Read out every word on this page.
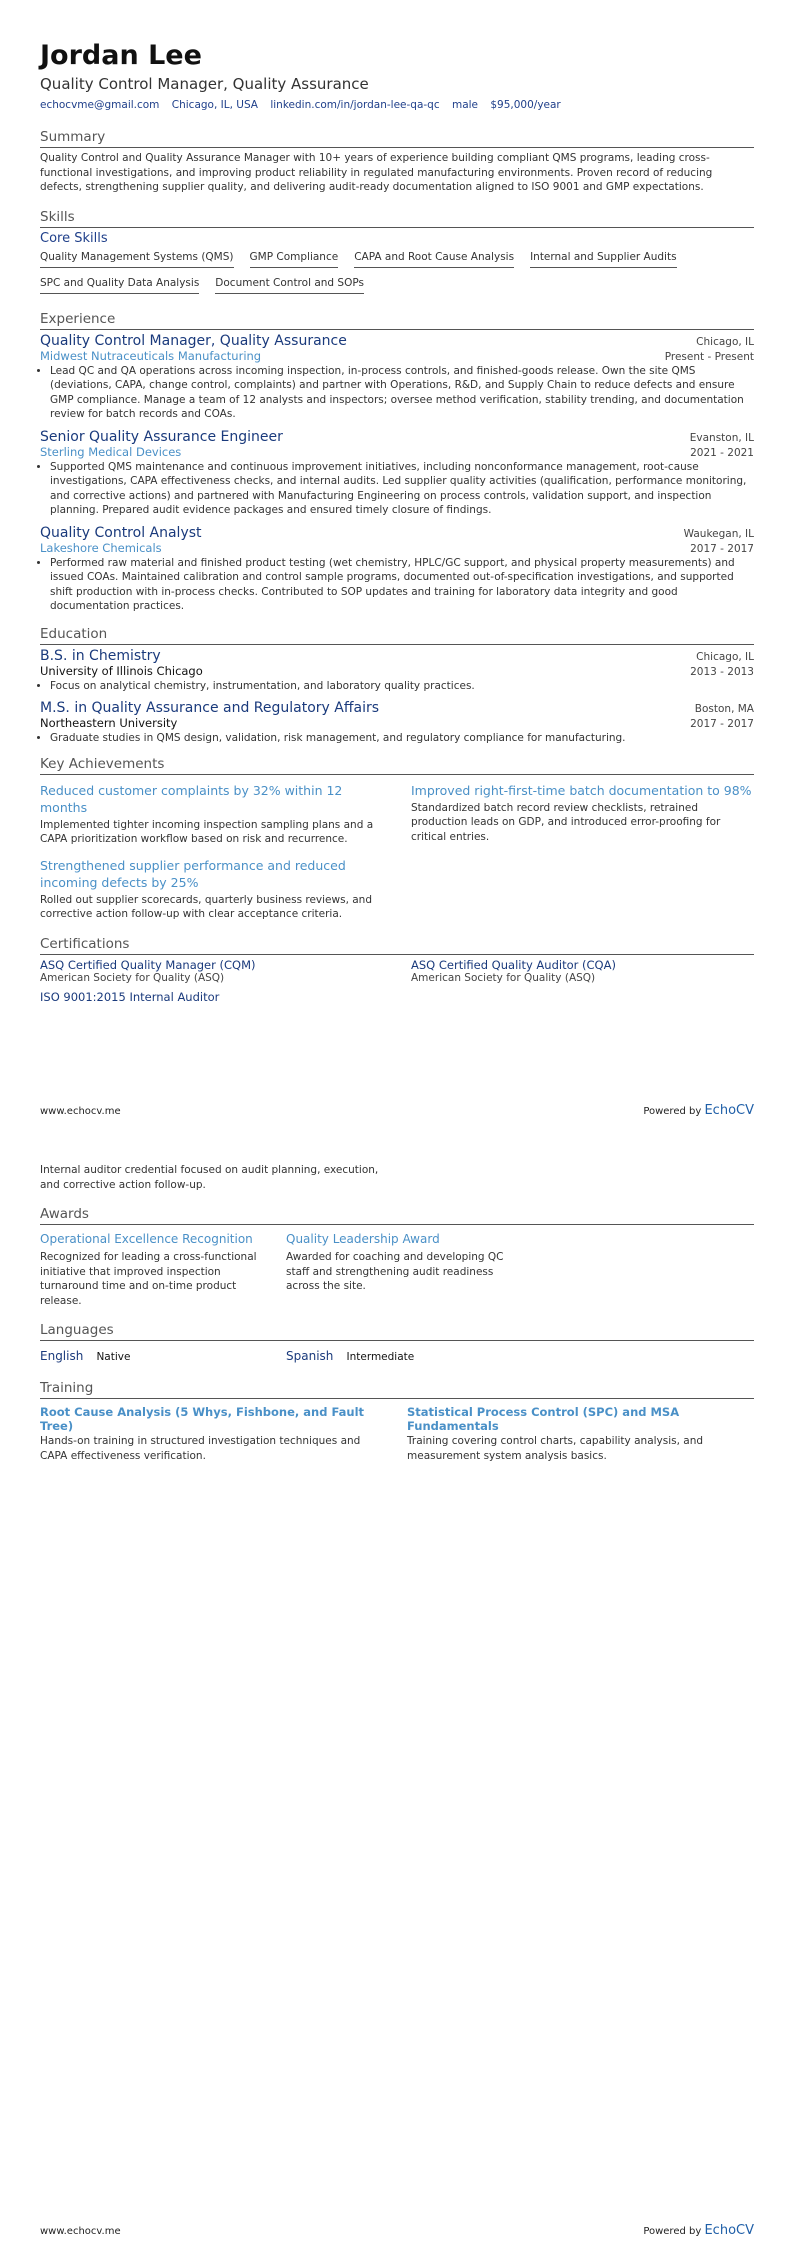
Jordan Lee
Quality Control Manager, Quality Assurance
echocvme@gmail.com Chicago, IL, USA linkedin.com/in/jordan-lee-qa-qc male $95,000/year
Summary
Quality Control and Quality Assurance Manager with 10+ years of experience building compliant QMS programs, leading cross-functional investigations, and improving product reliability in regulated manufacturing environments. Proven record of reducing defects, strengthening supplier quality, and delivering audit-ready documentation aligned to ISO 9001 and GMP expectations.
Skills
Core Skills
Quality Management Systems (QMS) GMP Compliance CAPA and Root Cause Analysis Internal and Supplier Audits
SPC and Quality Data Analysis Document Control and SOPs
Experience
Quality Control Manager, Quality Assurance	Chicago, IL
Midwest Nutraceuticals Manufacturing	Present - Present
• Lead QC and QA operations across incoming inspection, in-process controls, and finished-goods release. Own the site QMS (deviations, CAPA, change control, complaints) and partner with Operations, R&D, and Supply Chain to reduce defects and ensure GMP compliance. Manage a team of 12 analysts and inspectors; oversee method verification, stability trending, and documentation review for batch records and COAs.
Senior Quality Assurance Engineer	Evanston, IL
Sterling Medical Devices	2021 - 2021
• Supported QMS maintenance and continuous improvement initiatives, including nonconformance management, root-cause investigations, CAPA effectiveness checks, and internal audits. Led supplier quality activities (qualification, performance monitoring, and corrective actions) and partnered with Manufacturing Engineering on process controls, validation support, and inspection planning. Prepared audit evidence packages and ensured timely closure of findings.
Quality Control Analyst	Waukegan, IL
Lakeshore Chemicals	2017 - 2017
• Performed raw material and finished product testing (wet chemistry, HPLC/GC support, and physical property measurements) and issued COAs. Maintained calibration and control sample programs, documented out-of-specification investigations, and supported shift production with in-process checks. Contributed to SOP updates and training for laboratory data integrity and good documentation practices.
Education
B.S. in Chemistry	Chicago, IL
University of Illinois Chicago	2013 - 2013
• Focus on analytical chemistry, instrumentation, and laboratory quality practices.
M.S. in Quality Assurance and Regulatory Affairs	Boston, MA
Northeastern University	2017 - 2017
• Graduate studies in QMS design, validation, risk management, and regulatory compliance for manufacturing.
Key Achievements
Reduced customer complaints by 32% within 12 months
Implemented tighter incoming inspection sampling plans and a CAPA prioritization workflow based on risk and recurrence.
Improved right-first-time batch documentation to 98%
Standardized batch record review checklists, retrained production leads on GDP, and introduced error-proofing for critical entries.
Strengthened supplier performance and reduced incoming defects by 25%
Rolled out supplier scorecards, quarterly business reviews, and corrective action follow-up with clear acceptance criteria.
Certifications
ASQ Certified Quality Manager (CQM)
American Society for Quality (ASQ)
ASQ Certified Quality Auditor (CQA)
American Society for Quality (ASQ)
ISO 9001:2015 Internal Auditor
www.echocv.me	Powered by EchoCV
Internal auditor credential focused on audit planning, execution, and corrective action follow-up.
Awards
Operational Excellence Recognition
Recognized for leading a cross-functional initiative that improved inspection turnaround time and on-time product release.
Quality Leadership Award
Awarded for coaching and developing QC staff and strengthening audit readiness across the site.
Languages
English Native	Spanish Intermediate
Training
Root Cause Analysis (5 Whys, Fishbone, and Fault Tree)
Hands-on training in structured investigation techniques and CAPA effectiveness verification.
Statistical Process Control (SPC) and MSA Fundamentals
Training covering control charts, capability analysis, and measurement system analysis basics.
www.echocv.me	Powered by EchoCV
